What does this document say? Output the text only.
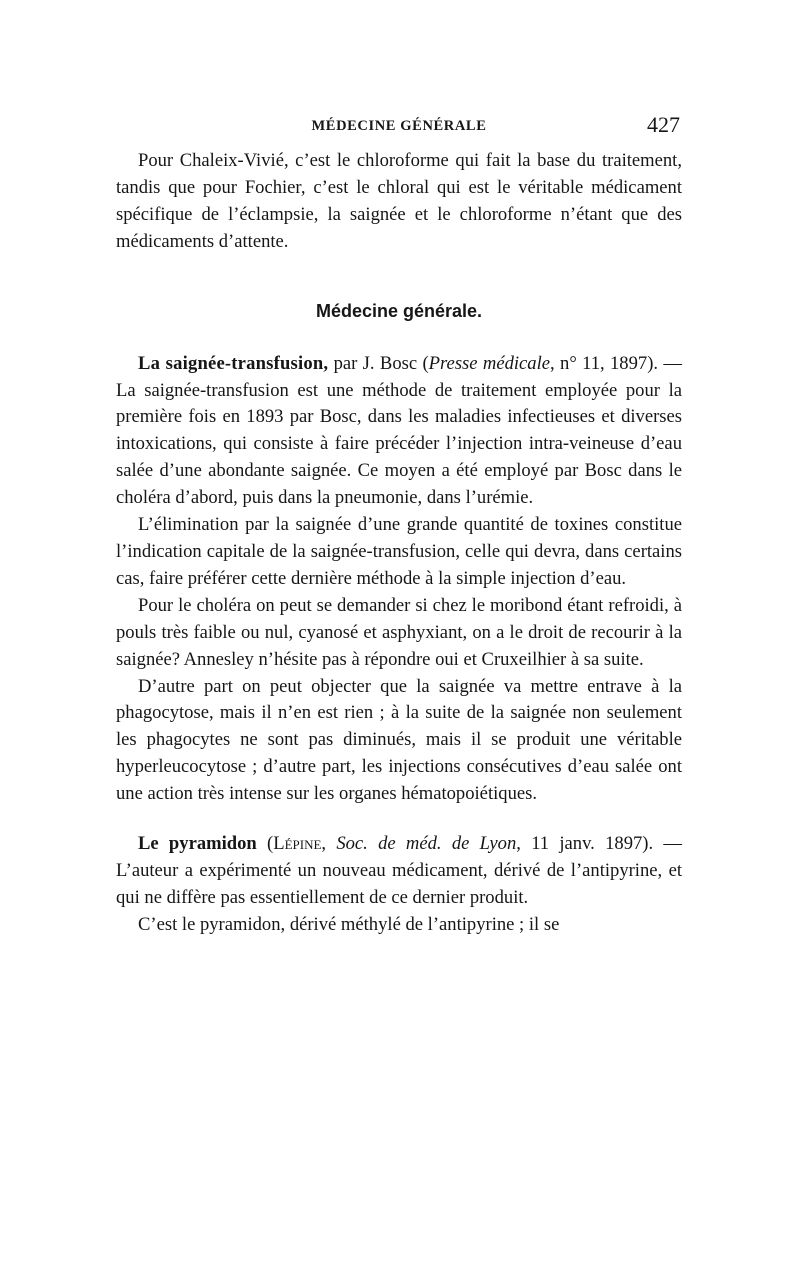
MÉDECINE GÉNÉRALE	427

Pour Chaleix-Vivié, c’est le chloroforme qui fait la base du traitement, tandis que pour Fochier, c’est le chloral qui est le véritable médicament spécifique de l’éclampsie, la saignée et le chloroforme n’étant que des médicaments d’attente.

Médecine générale.

La saignée-transfusion, par J. Bosc (Presse médicale, n° 11, 1897). — La saignée-transfusion est une méthode de traitement employée pour la première fois en 1893 par Bosc, dans les maladies infectieuses et diverses intoxications, qui consiste à faire précéder l’injection intra-veineuse d’eau salée d’une abondante saignée. Ce moyen a été employé par Bosc dans le choléra d’abord, puis dans la pneumonie, dans l’urémie.

L’élimination par la saignée d’une grande quantité de toxines constitue l’indication capitale de la saignée-transfusion, celle qui devra, dans certains cas, faire préférer cette dernière méthode à la simple injection d’eau.

Pour le choléra on peut se demander si chez le moribond étant refroidi, à pouls très faible ou nul, cyanosé et asphyxiant, on a le droit de recourir à la saignée? Annesley n’hésite pas à répondre oui et Cruxeilhier à sa suite.

D’autre part on peut objecter que la saignée va mettre entrave à la phagocytose, mais il n’en est rien ; à la suite de la saignée non seulement les phagocytes ne sont pas diminués, mais il se produit une véritable hyperleucocytose ; d’autre part, les injections consécutives d’eau salée ont une action très intense sur les organes hématopoiétiques.

Le pyramidon (Lépine, Soc. de méd. de Lyon, 11 janv. 1897). — L’auteur a expérimenté un nouveau médicament, dérivé de l’antipyrine, et qui ne diffère pas essentiellement de ce dernier produit.

C’est le pyramidon, dérivé méthylé de l’antipyrine ; il se
